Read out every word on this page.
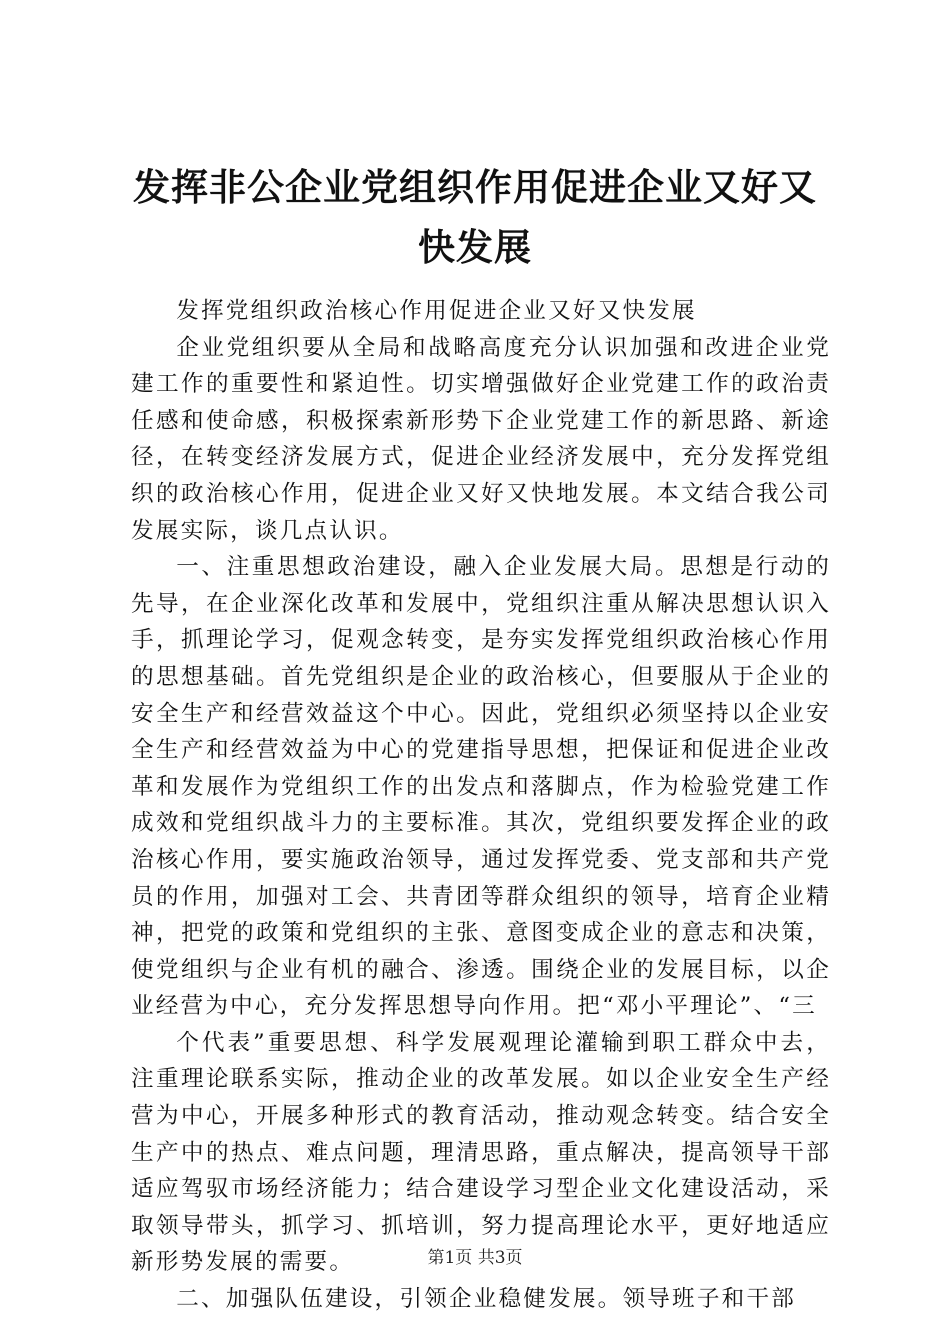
发挥非公企业党组织作用促进企业又好又快发展

发挥党组织政治核心作用促进企业又好又快发展

企业党组织要从全局和战略高度充分认识加强和改进企业党建工作的重要性和紧迫性。切实增强做好企业党建工作的政治责任感和使命感，积极探索新形势下企业党建工作的新思路、新途径，在转变经济发展方式，促进企业经济发展中，充分发挥党组织的政治核心作用，促进企业又好又快地发展。本文结合我公司发展实际，谈几点认识。

一、注重思想政治建设，融入企业发展大局。思想是行动的先导，在企业深化改革和发展中，党组织注重从解决思想认识入手，抓理论学习，促观念转变，是夯实发挥党组织政治核心作用的思想基础。首先党组织是企业的政治核心，但要服从于企业的安全生产和经营效益这个中心。因此，党组织必须坚持以企业安全生产和经营效益为中心的党建指导思想，把保证和促进企业改革和发展作为党组织工作的出发点和落脚点，作为检验党建工作成效和党组织战斗力的主要标准。其次，党组织要发挥企业的政治核心作用，要实施政治领导，通过发挥党委、党支部和共产党员的作用，加强对工会、共青团等群众组织的领导，培育企业精神，把党的政策和党组织的主张、意图变成企业的意志和决策，使党组织与企业有机的融合、渗透。围绕企业的发展目标，以企业经营为中心，充分发挥思想导向作用。把“邓小平理论”、“三

个代表”重要思想、科学发展观理论灌输到职工群众中去，注重理论联系实际，推动企业的改革发展。如以企业安全生产经营为中心，开展多种形式的教育活动，推动观念转变。结合安全生产中的热点、难点问题，理清思路，重点解决，提高领导干部适应驾驭市场经济能力；结合建设学习型企业文化建设活动，采取领导带头，抓学习、抓培训，努力提高理论水平，更好地适应新形势发展的需要。

二、加强队伍建设，引领企业稳健发展。领导班子和干部

第1页 共3页
